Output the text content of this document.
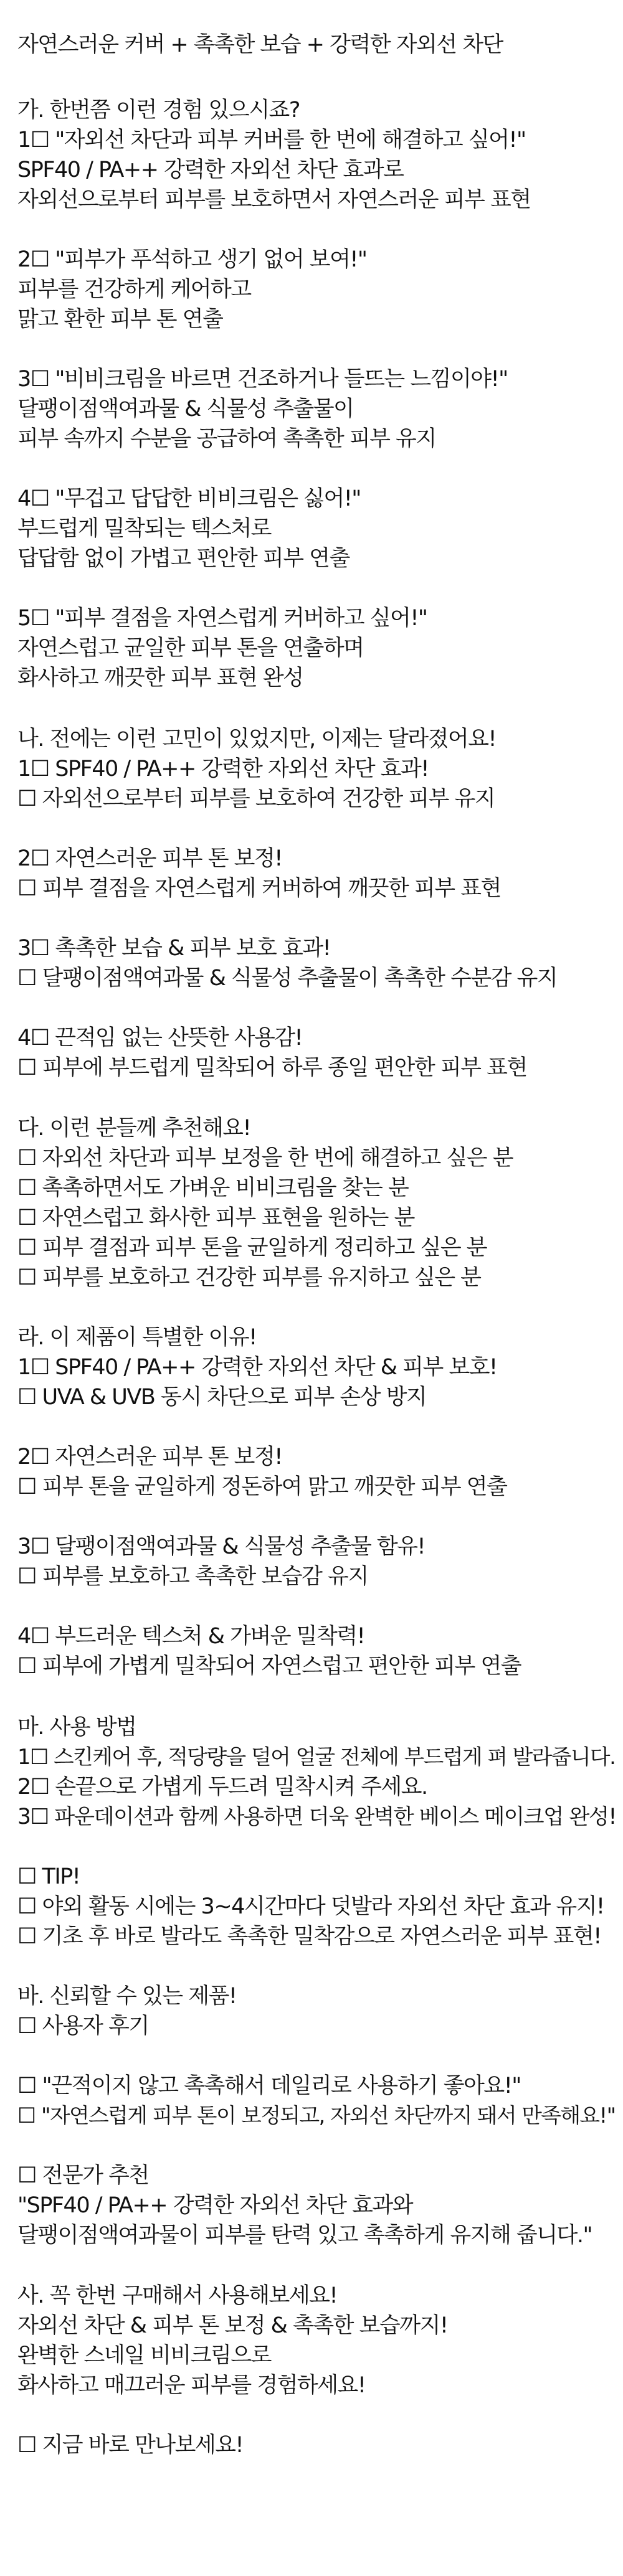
자연스러운 커버 + 촉촉한 보습 + 강력한 자외선 차단
가. 한번쯤 이런 경험 있으시죠?
1☐ "자외선 차단과 피부 커버를 한 번에 해결하고 싶어!"
SPF40 / PA++ 강력한 자외선 차단 효과로
자외선으로부터 피부를 보호하면서 자연스러운 피부 표현
2☐ "피부가 푸석하고 생기 없어 보여!"
피부를 건강하게 케어하고
맑고 환한 피부 톤 연출
3☐ "비비크림을 바르면 건조하거나 들뜨는 느낌이야!"
달팽이점액여과물 & 식물성 추출물이
피부 속까지 수분을 공급하여 촉촉한 피부 유지
4☐ "무겁고 답답한 비비크림은 싫어!"
부드럽게 밀착되는 텍스처로
답답함 없이 가볍고 편안한 피부 연출
5☐ "피부 결점을 자연스럽게 커버하고 싶어!"
자연스럽고 균일한 피부 톤을 연출하며
화사하고 깨끗한 피부 표현 완성
나. 전에는 이런 고민이 있었지만, 이제는 달라졌어요!
1☐ SPF40 / PA++ 강력한 자외선 차단 효과!
☐ 자외선으로부터 피부를 보호하여 건강한 피부 유지
2☐ 자연스러운 피부 톤 보정!
☐ 피부 결점을 자연스럽게 커버하여 깨끗한 피부 표현
3☐ 촉촉한 보습 & 피부 보호 효과!
☐ 달팽이점액여과물 & 식물성 추출물이 촉촉한 수분감 유지
4☐ 끈적임 없는 산뜻한 사용감!
☐ 피부에 부드럽게 밀착되어 하루 종일 편안한 피부 표현
다. 이런 분들께 추천해요!
☐ 자외선 차단과 피부 보정을 한 번에 해결하고 싶은 분
☐ 촉촉하면서도 가벼운 비비크림을 찾는 분
☐ 자연스럽고 화사한 피부 표현을 원하는 분
☐ 피부 결점과 피부 톤을 균일하게 정리하고 싶은 분
☐ 피부를 보호하고 건강한 피부를 유지하고 싶은 분
라. 이 제품이 특별한 이유!
1☐ SPF40 / PA++ 강력한 자외선 차단 & 피부 보호!
☐ UVA & UVB 동시 차단으로 피부 손상 방지
2☐ 자연스러운 피부 톤 보정!
☐ 피부 톤을 균일하게 정돈하여 맑고 깨끗한 피부 연출
3☐ 달팽이점액여과물 & 식물성 추출물 함유!
☐ 피부를 보호하고 촉촉한 보습감 유지
4☐ 부드러운 텍스처 & 가벼운 밀착력!
☐ 피부에 가볍게 밀착되어 자연스럽고 편안한 피부 연출
마. 사용 방법
1☐ 스킨케어 후, 적당량을 덜어 얼굴 전체에 부드럽게 펴 발라줍니다.
2☐ 손끝으로 가볍게 두드려 밀착시켜 주세요.
3☐ 파운데이션과 함께 사용하면 더욱 완벽한 베이스 메이크업 완성!
☐ TIP!
☐ 야외 활동 시에는 3~4시간마다 덧발라 자외선 차단 효과 유지!
☐ 기초 후 바로 발라도 촉촉한 밀착감으로 자연스러운 피부 표현!
바. 신뢰할 수 있는 제품!
☐ 사용자 후기
☐ "끈적이지 않고 촉촉해서 데일리로 사용하기 좋아요!"
☐ "자연스럽게 피부 톤이 보정되고, 자외선 차단까지 돼서 만족해요!"
☐ 전문가 추천
"SPF40 / PA++ 강력한 자외선 차단 효과와
달팽이점액여과물이 피부를 탄력 있고 촉촉하게 유지해 줍니다."
사. 꼭 한번 구매해서 사용해보세요!
자외선 차단 & 피부 톤 보정 & 촉촉한 보습까지!
완벽한 스네일 비비크림으로
화사하고 매끄러운 피부를 경험하세요!
☐ 지금 바로 만나보세요!
